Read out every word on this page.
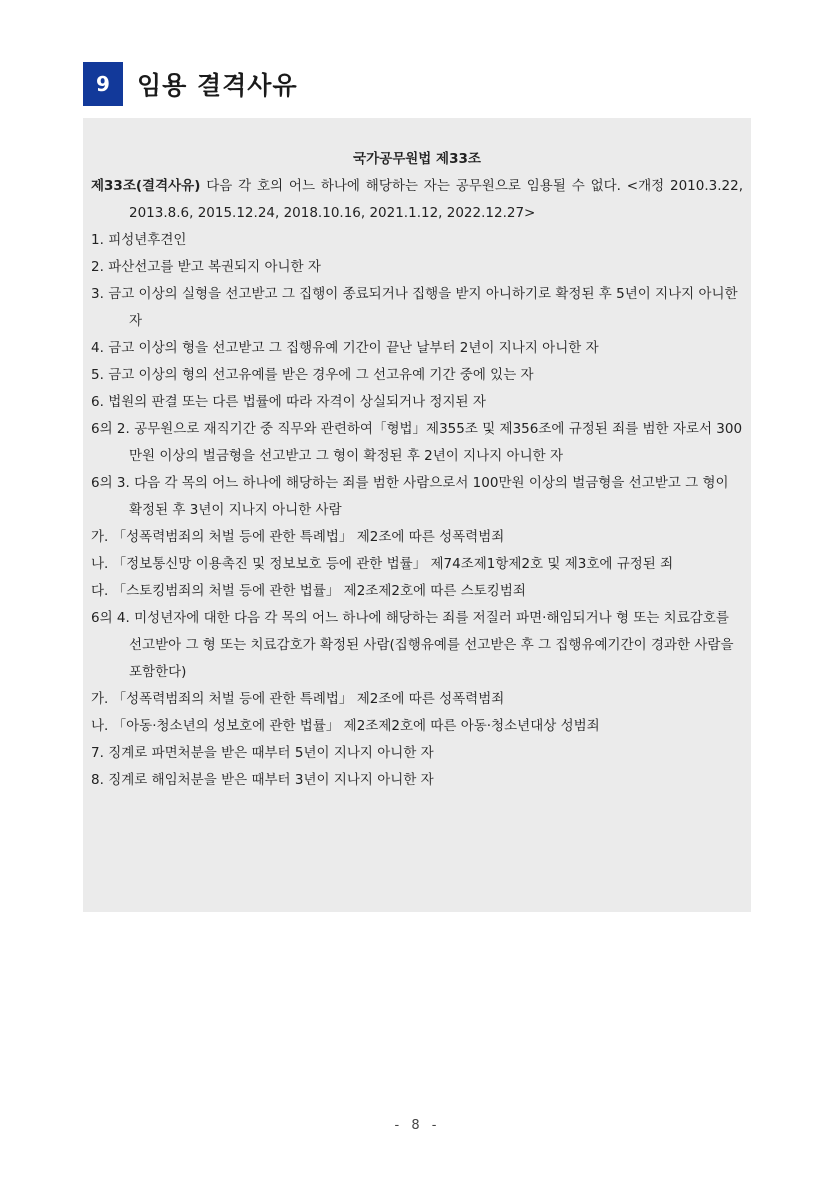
9	임용 결격사유
국가공무원법 제33조
제33조(결격사유) 다음 각 호의 어느 하나에 해당하는 자는 공무원으로 임용될 수 없다. <개정 2010.3.22, 2013.8.6, 2015.12.24, 2018.10.16, 2021.1.12, 2022.12.27>
1. 피성년후견인
2. 파산선고를 받고 복권되지 아니한 자
3. 금고 이상의 실형을 선고받고 그 집행이 종료되거나 집행을 받지 아니하기로 확정된 후 5년이 지나지 아니한 자
4. 금고 이상의 형을 선고받고 그 집행유예 기간이 끝난 날부터 2년이 지나지 아니한 자
5. 금고 이상의 형의 선고유예를 받은 경우에 그 선고유예 기간 중에 있는 자
6. 법원의 판결 또는 다른 법률에 따라 자격이 상실되거나 정지된 자
6의 2. 공무원으로 재직기간 중 직무와 관련하여「형법」제355조 및 제356조에 규정된 죄를 범한 자로서 300만원 이상의 벌금형을 선고받고 그 형이 확정된 후 2년이 지나지 아니한 자
6의 3. 다음 각 목의 어느 하나에 해당하는 죄를 범한 사람으로서 100만원 이상의 벌금형을 선고받고 그 형이 확정된 후 3년이 지나지 아니한 사람
가. 「성폭력범죄의 처벌 등에 관한 특례법」 제2조에 따른 성폭력범죄
나. 「정보통신망 이용촉진 및 정보보호 등에 관한 법률」 제74조제1항제2호 및 제3호에 규정된 죄
다. 「스토킹범죄의 처벌 등에 관한 법률」 제2조제2호에 따른 스토킹범죄
6의 4. 미성년자에 대한 다음 각 목의 어느 하나에 해당하는 죄를 저질러 파면·해임되거나 형 또는 치료감호를 선고받아 그 형 또는 치료감호가 확정된 사람(집행유예를 선고받은 후 그 집행유예기간이 경과한 사람을 포함한다)
가. 「성폭력범죄의 처벌 등에 관한 특례법」 제2조에 따른 성폭력범죄
나. 「아동·청소년의 성보호에 관한 법률」 제2조제2호에 따른 아동·청소년대상 성범죄
7. 징계로 파면처분을 받은 때부터 5년이 지나지 아니한 자
8. 징계로 해임처분을 받은 때부터 3년이 지나지 아니한 자
- 8 -
